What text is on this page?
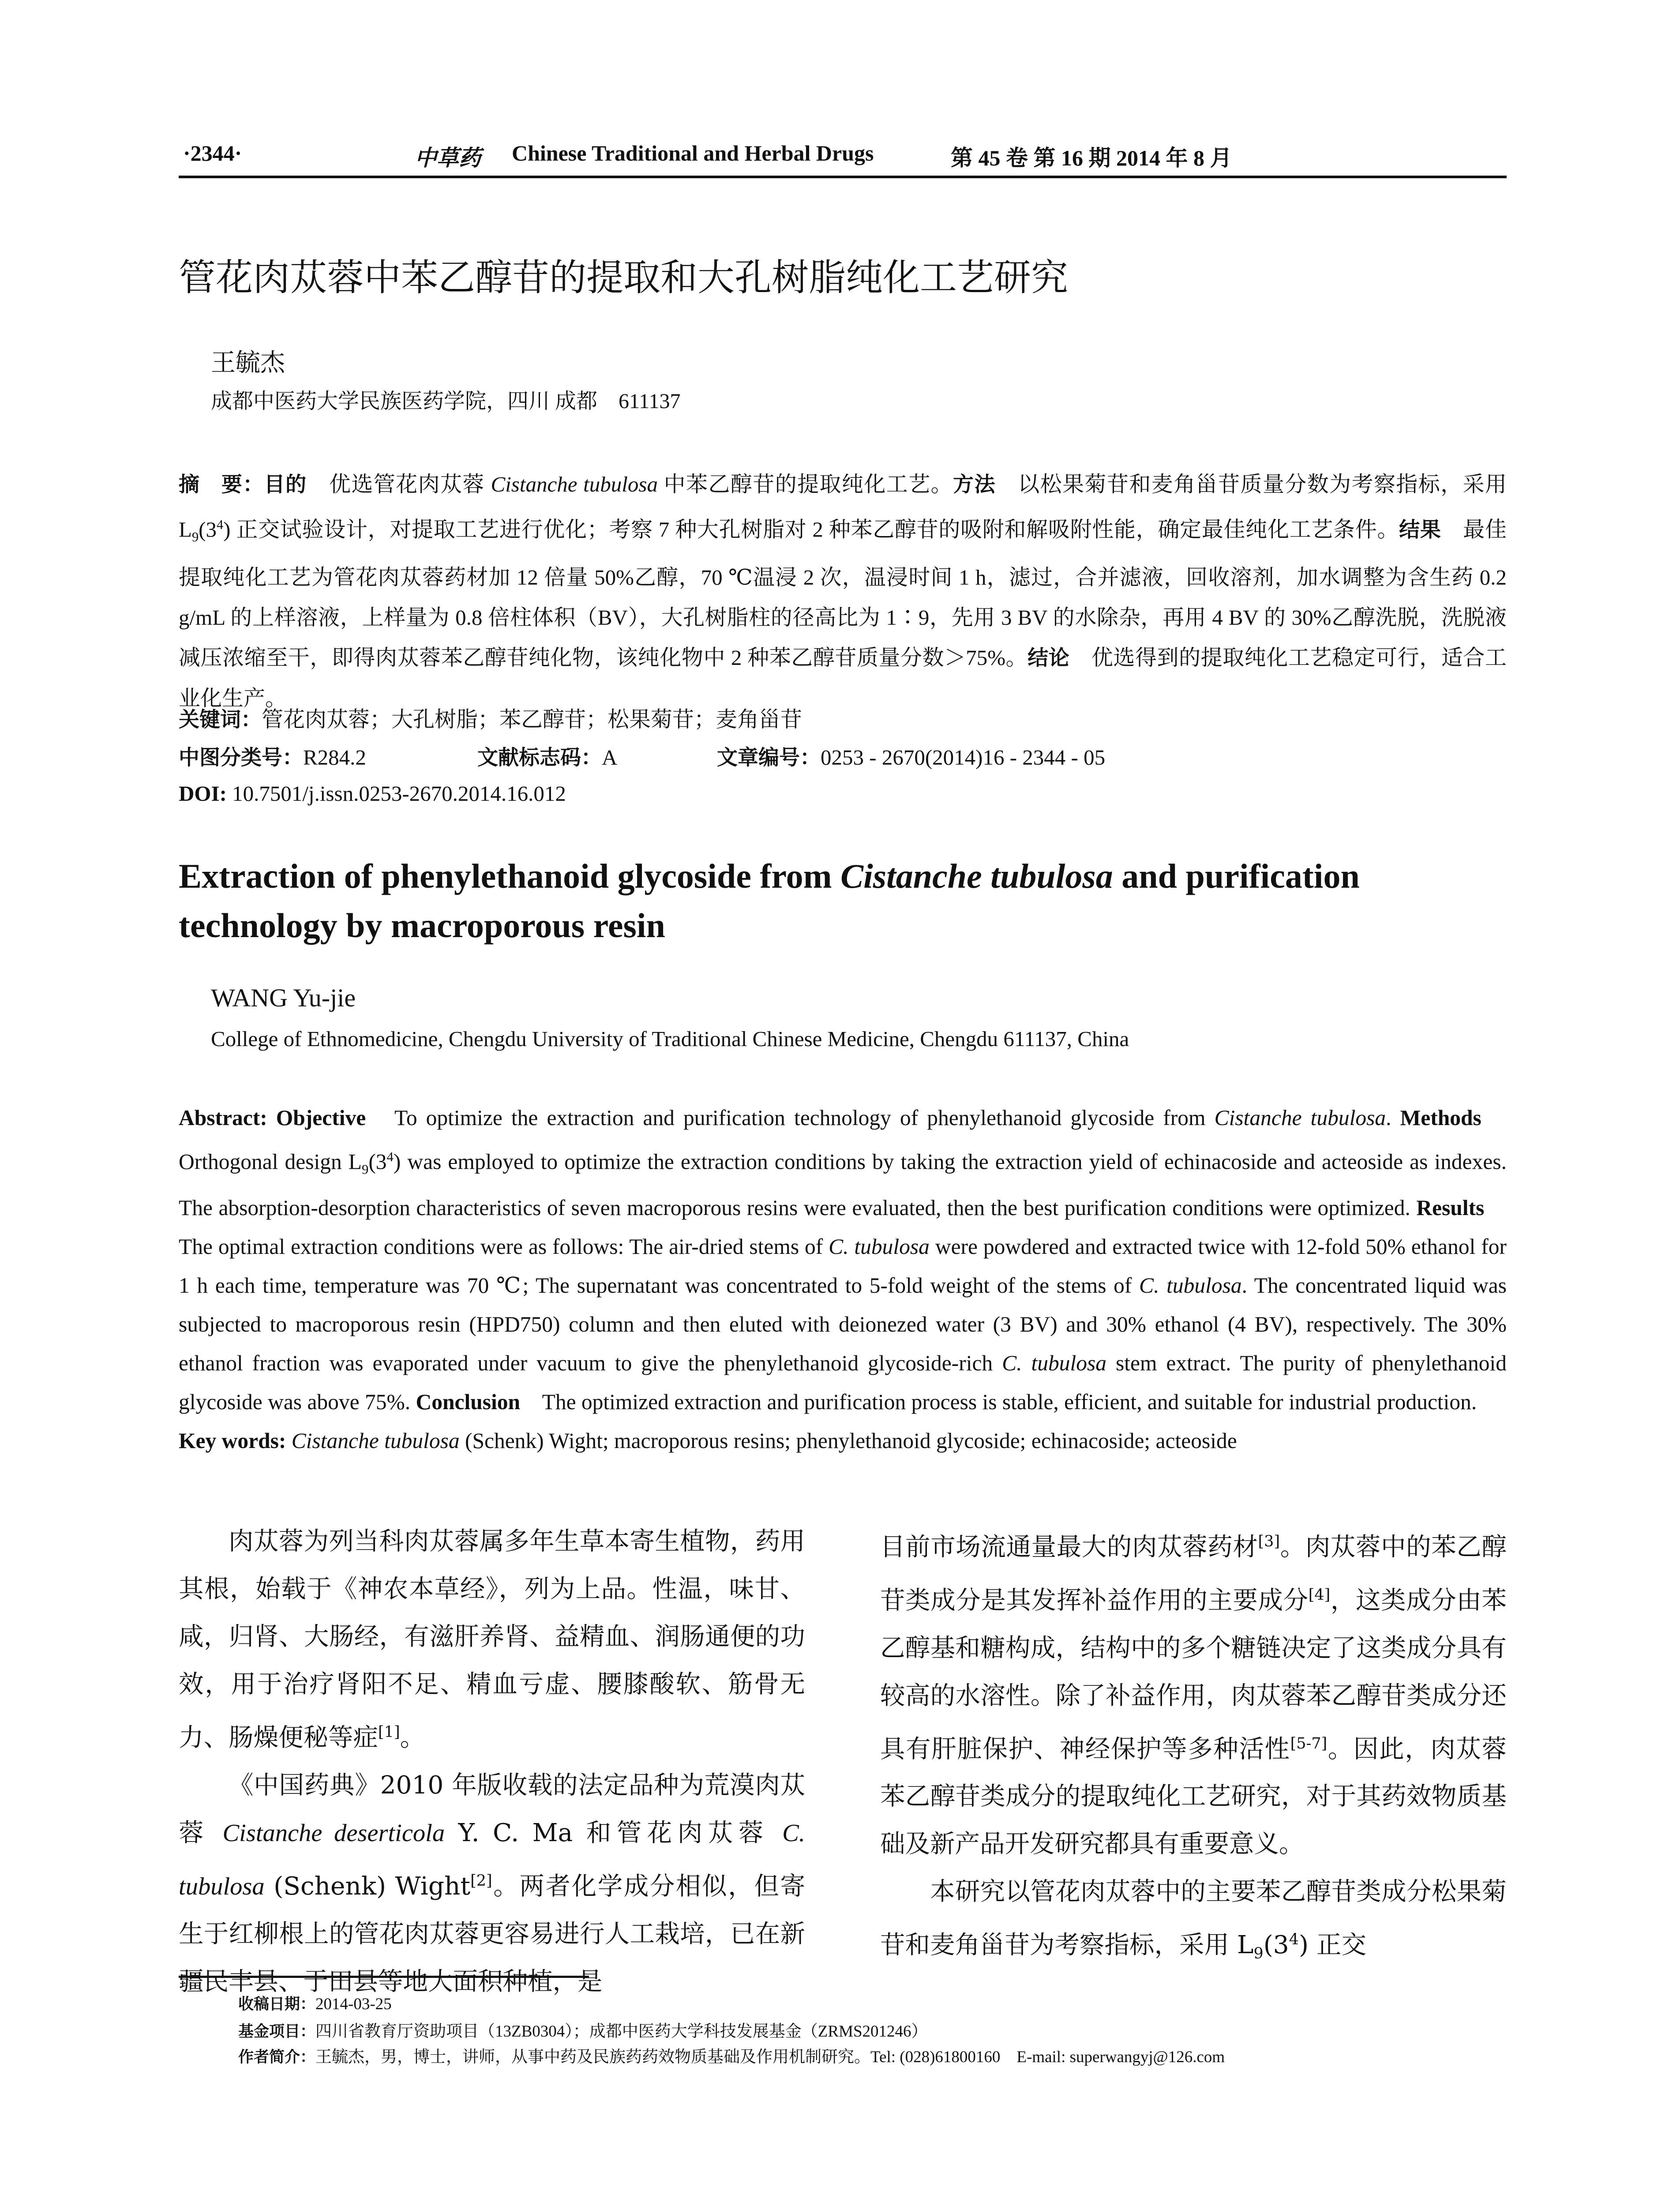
·2344·	中草药 Chinese Traditional and Herbal Drugs	第 45 卷 第 16 期 2014 年 8 月
管花肉苁蓉中苯乙醇苷的提取和大孔树脂纯化工艺研究
王毓杰
成都中医药大学民族医药学院，四川 成都　611137
摘　要：目的　优选管花肉苁蓉 Cistanche tubulosa 中苯乙醇苷的提取纯化工艺。方法　以松果菊苷和麦角甾苷质量分数为考察指标，采用 $L_9(3^4)$ 正交试验设计，对提取工艺进行优化；考察 7 种大孔树脂对 2 种苯乙醇苷的吸附和解吸附性能，确定最佳纯化工艺条件。结果　最佳提取纯化工艺为管花肉苁蓉药材加 12 倍量 50%乙醇，70 ℃温浸 2 次，温浸时间 1 h，滤过，合并滤液，回收溶剂，加水调整为含生药 0.2 g/mL 的上样溶液，上样量为 0.8 倍柱体积（BV），大孔树脂柱的径高比为 1∶9，先用 3 BV 的水除杂，再用 4 BV 的 30%乙醇洗脱，洗脱液减压浓缩至干，即得肉苁蓉苯乙醇苷纯化物，该纯化物中 2 种苯乙醇苷质量分数＞75%。结论　优选得到的提取纯化工艺稳定可行，适合工业化生产。
关键词：管花肉苁蓉；大孔树脂；苯乙醇苷；松果菊苷；麦角甾苷
中图分类号：R284.2	文献标志码：A	文章编号：0253 - 2670(2014)16 - 2344 - 05
DOI: 10.7501/j.issn.0253-2670.2014.16.012
Extraction of phenylethanoid glycoside from Cistanche tubulosa and purification technology by macroporous resin
WANG Yu-jie
College of Ethnomedicine, Chengdu University of Traditional Chinese Medicine, Chengdu 611137, China
Abstract: Objective　To optimize the extraction and purification technology of phenylethanoid glycoside from Cistanche tubulosa. Methods　Orthogonal design $L_9(3^4)$ was employed to optimize the extraction conditions by taking the extraction yield of echinacoside and acteoside as indexes. The absorption-desorption characteristics of seven macroporous resins were evaluated, then the best purification conditions were optimized. Results　The optimal extraction conditions were as follows: The air-dried stems of C. tubulosa were powdered and extracted twice with 12-fold 50% ethanol for 1 h each time, temperature was 70 ℃; The supernatant was concentrated to 5-fold weight of the stems of C. tubulosa. The concentrated liquid was subjected to macroporous resin (HPD750) column and then eluted with deionezed water (3 BV) and 30% ethanol (4 BV), respectively. The 30% ethanol fraction was evaporated under vacuum to give the phenylethanoid glycoside-rich C. tubulosa stem extract. The purity of phenylethanoid glycoside was above 75%. Conclusion　The optimized extraction and purification process is stable, efficient, and suitable for industrial production.
Key words: Cistanche tubulosa (Schenk) Wight; macroporous resins; phenylethanoid glycoside; echinacoside; acteoside

肉苁蓉为列当科肉苁蓉属多年生草本寄生植物，药用其根，始载于《神农本草经》，列为上品。性温，味甘、咸，归肾、大肠经，有滋肝养肾、益精血、润肠通便的功效，用于治疗肾阳不足、精血亏虚、腰膝酸软、筋骨无力、肠燥便秘等症[1]。

《中国药典》2010 年版收载的法定品种为荒漠肉苁蓉 Cistanche deserticola Y. C. Ma 和管花肉苁蓉 C. tubulosa (Schenk) Wight[2]。两者化学成分相似，但寄生于红柳根上的管花肉苁蓉更容易进行人工栽培，已在新疆民丰县、于田县等地大面积种植，是

目前市场流通量最大的肉苁蓉药材[3]。肉苁蓉中的苯乙醇苷类成分是其发挥补益作用的主要成分[4]，这类成分由苯乙醇基和糖构成，结构中的多个糖链决定了这类成分具有较高的水溶性。除了补益作用，肉苁蓉苯乙醇苷类成分还具有肝脏保护、神经保护等多种活性[5-7]。因此，肉苁蓉苯乙醇苷类成分的提取纯化工艺研究，对于其药效物质基础及新产品开发研究都具有重要意义。

本研究以管花肉苁蓉中的主要苯乙醇苷类成分松果菊苷和麦角甾苷为考察指标，采用 $L_9(3^4)$ 正交

收稿日期：2014-03-25
基金项目：四川省教育厅资助项目（13ZB0304）；成都中医药大学科技发展基金（ZRMS201246）
作者简介：王毓杰，男，博士，讲师，从事中药及民族药药效物质基础及作用机制研究。Tel: (028)61800160　E-mail: superwangyj@126.com
